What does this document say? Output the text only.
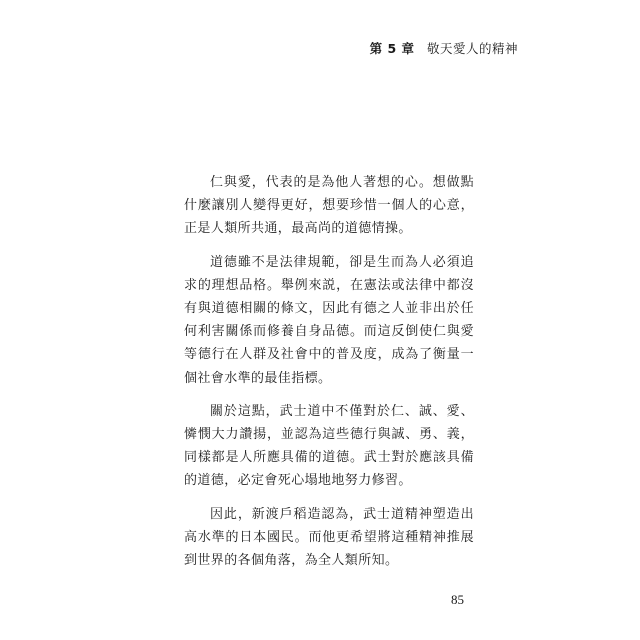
第 5 章 敬天愛人的精神

仁與愛，代表的是為他人著想的心。想做點什麼讓別人變得更好，想要珍惜一個人的心意，正是人類所共通，最高尚的道德情操。

道德雖不是法律規範，卻是生而為人必須追求的理想品格。舉例來説，在憲法或法律中都沒有與道德相關的條文，因此有德之人並非出於任何利害關係而修養自身品德。而這反倒使仁與愛等德行在人群及社會中的普及度，成為了衡量一個社會水準的最佳指標。

關於這點，武士道中不僅對於仁、誠、愛、憐憫大力讚揚，並認為這些德行與誠、勇、義，同樣都是人所應具備的道德。武士對於應該具備的道德，必定會死心塌地地努力修習。

因此，新渡戶稻造認為，武士道精神塑造出高水準的日本國民。而他更希望將這種精神推展到世界的各個角落，為全人類所知。

85
